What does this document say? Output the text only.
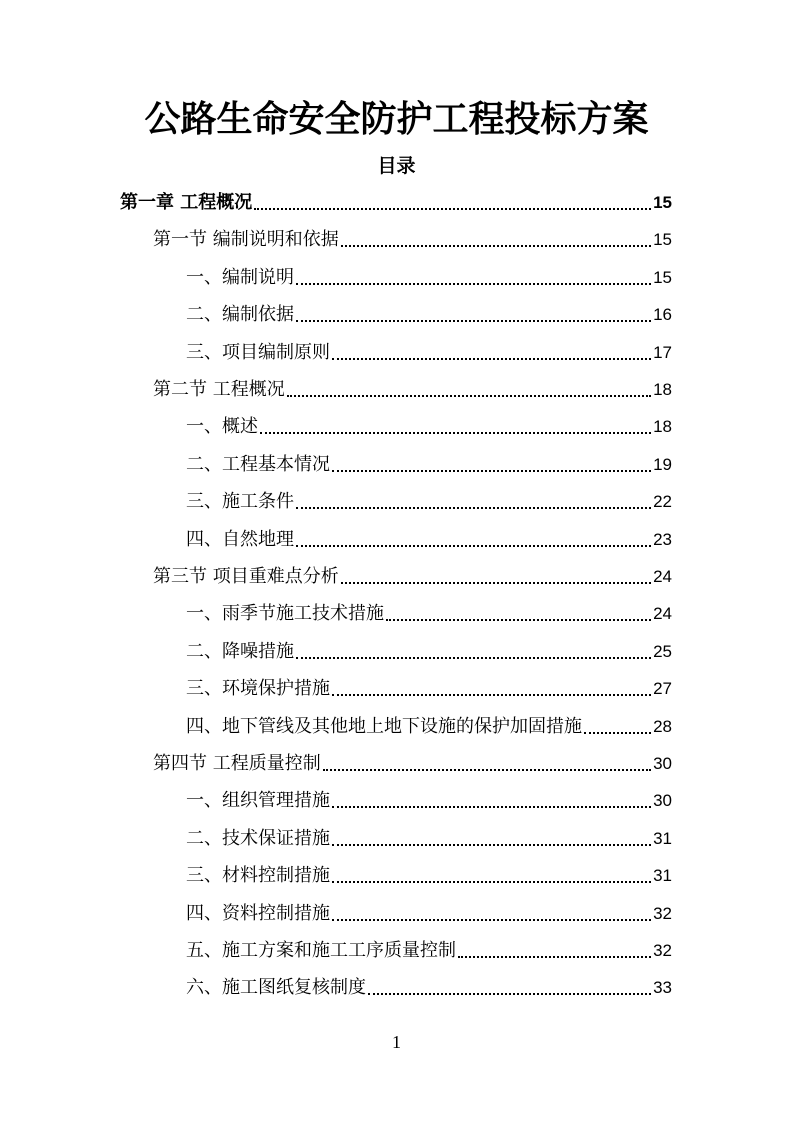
公路生命安全防护工程投标方案
目录
第一章 工程概况	15
第一节 编制说明和依据	15
一、编制说明	15
二、编制依据	16
三、项目编制原则	17
第二节 工程概况	18
一、概述	18
二、工程基本情况	19
三、施工条件	22
四、自然地理	23
第三节 项目重难点分析	24
一、雨季节施工技术措施	24
二、降噪措施	25
三、环境保护措施	27
四、地下管线及其他地上地下设施的保护加固措施	28
第四节 工程质量控制	30
一、组织管理措施	30
二、技术保证措施	31
三、材料控制措施	31
四、资料控制措施	32
五、施工方案和施工工序质量控制	32
六、施工图纸复核制度	33
1
